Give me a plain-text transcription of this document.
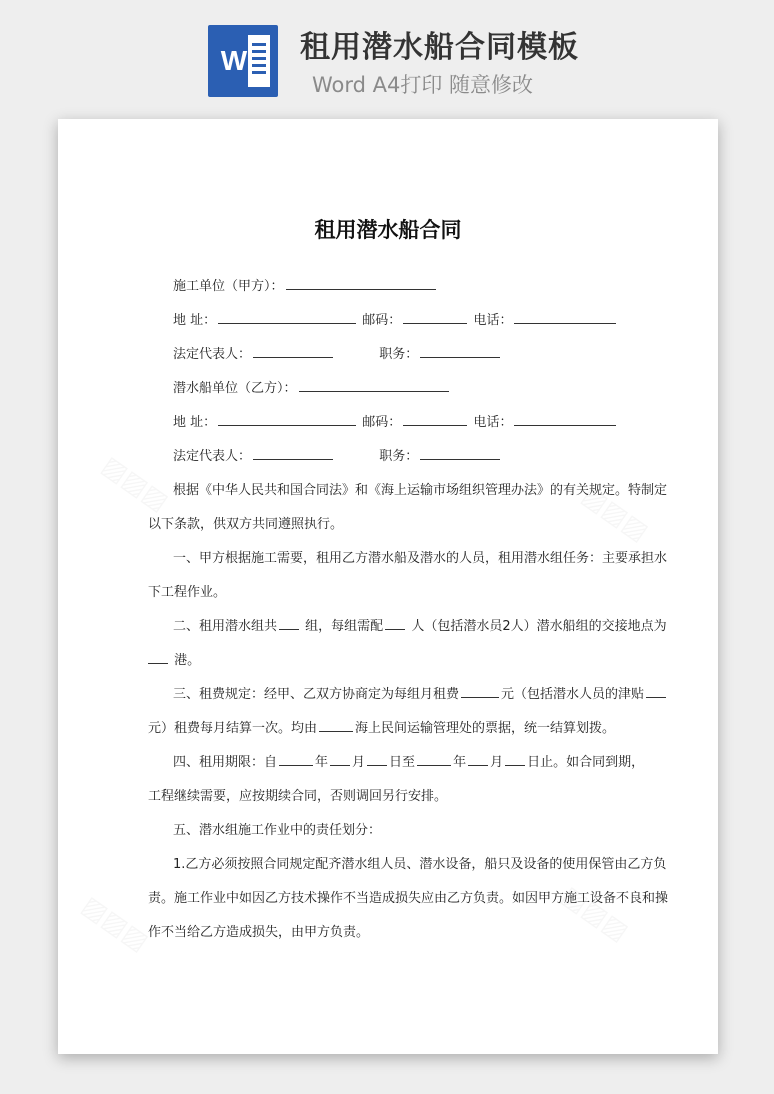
W 租用潜水船合同模板
Word A4打印 随意修改
租用潜水船合同
施工单位（甲方）：
地 址：	邮码：	电话：
法定代表人：	职务：
潜水船单位（乙方）：
地 址：	邮码：	电话：
法定代表人：	职务：
根据《中华人民共和国合同法》和《海上运输市场组织管理办法》的有关规定。特制定
以下条款，供双方共同遵照执行。
一、甲方根据施工需要，租用乙方潜水船及潜水的人员，租用潜水组任务：主要承担水
下工程作业。
二、租用潜水组共 组，每组需配 人（包括潜水员2人）潜水船组的交接地点为
港。
三、租费规定：经甲、乙双方协商定为每组月租费	元（包括潜水人员的津贴
元）租费每月结算一次。均由	海上民间运输管理处的票据，统一结算划拨。
四、租用期限：自	年 月 日至	年 月 日止。如合同到期，
工程继续需要，应按期续合同，否则调回另行安排。
五、潜水组施工作业中的责任划分：
1.乙方必须按照合同规定配齐潜水组人员、潜水设备，船只及设备的使用保管由乙方负
责。施工作业中如因乙方技术操作不当造成损失应由乙方负责。如因甲方施工设备不良和操
作不当给乙方造成损失，由甲方负责。
